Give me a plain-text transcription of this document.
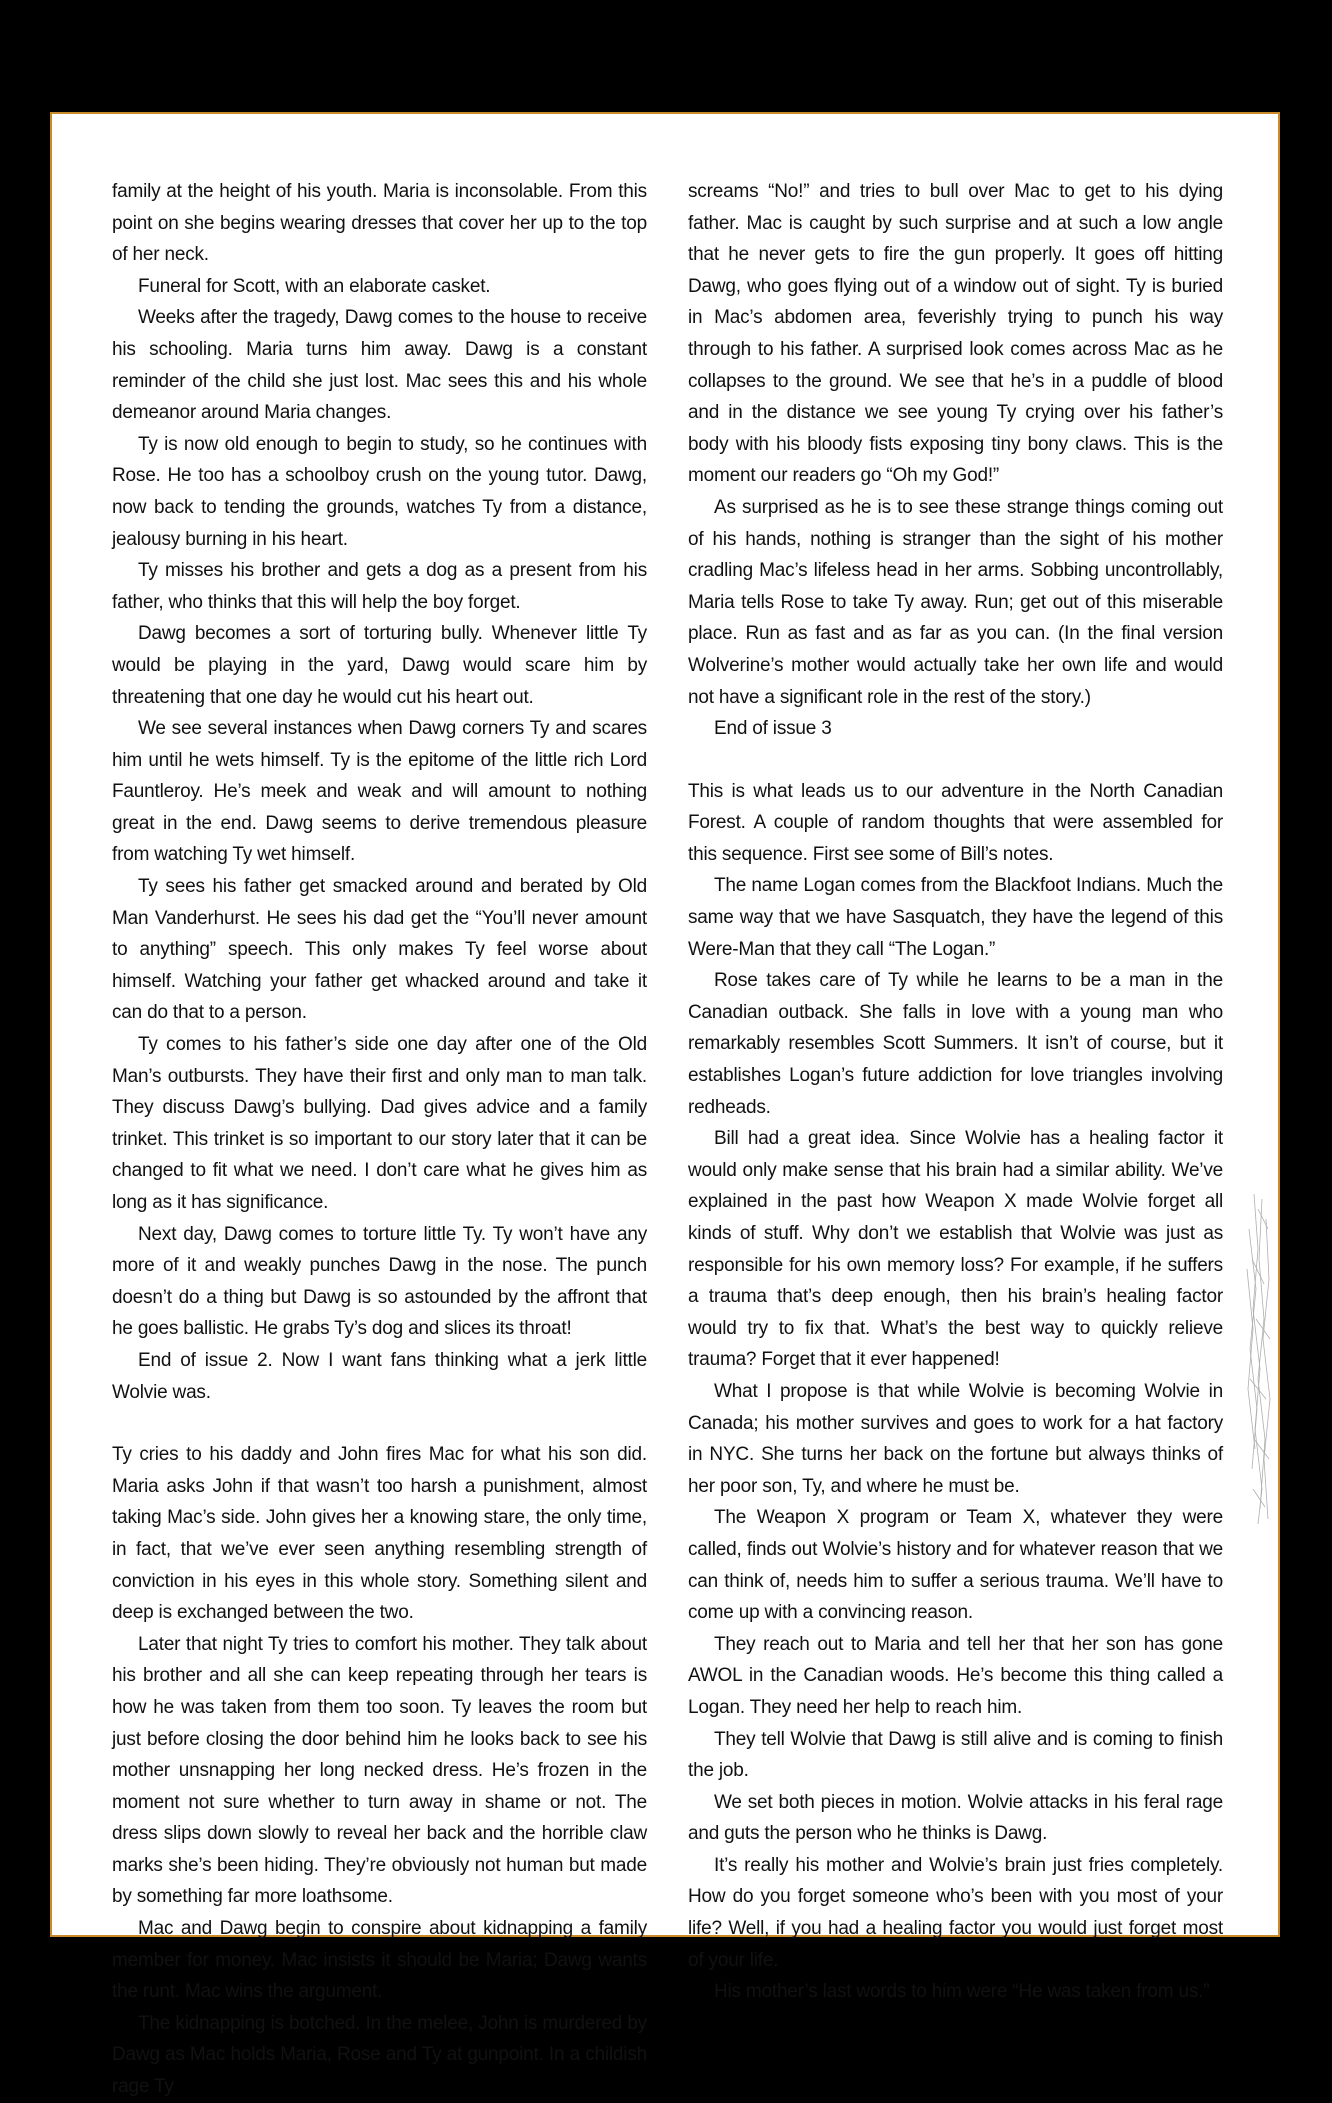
family at the height of his youth. Maria is inconsolable. From this point on she begins wearing dresses that cover her up to the top of her neck.

Funeral for Scott, with an elaborate casket.

Weeks after the tragedy, Dawg comes to the house to receive his schooling. Maria turns him away. Dawg is a constant reminder of the child she just lost. Mac sees this and his whole demeanor around Maria changes.

Ty is now old enough to begin to study, so he continues with Rose. He too has a schoolboy crush on the young tutor. Dawg, now back to tending the grounds, watches Ty from a distance, jealousy burning in his heart.

Ty misses his brother and gets a dog as a present from his father, who thinks that this will help the boy forget.

Dawg becomes a sort of torturing bully. Whenever little Ty would be playing in the yard, Dawg would scare him by threatening that one day he would cut his heart out.

We see several instances when Dawg corners Ty and scares him until he wets himself. Ty is the epitome of the little rich Lord Fauntleroy. He’s meek and weak and will amount to nothing great in the end. Dawg seems to derive tremendous pleasure from watching Ty wet himself.

Ty sees his father get smacked around and berated by Old Man Vanderhurst. He sees his dad get the “You’ll never amount to anything” speech. This only makes Ty feel worse about himself. Watching your father get whacked around and take it can do that to a person.

Ty comes to his father’s side one day after one of the Old Man’s outbursts. They have their first and only man to man talk. They discuss Dawg’s bullying. Dad gives advice and a family trinket. This trinket is so important to our story later that it can be changed to fit what we need. I don’t care what he gives him as long as it has significance.

Next day, Dawg comes to torture little Ty. Ty won’t have any more of it and weakly punches Dawg in the nose. The punch doesn’t do a thing but Dawg is so astounded by the affront that he goes ballistic. He grabs Ty’s dog and slices its throat!

End of issue 2. Now I want fans thinking what a jerk little Wolvie was.

Ty cries to his daddy and John fires Mac for what his son did. Maria asks John if that wasn’t too harsh a punishment, almost taking Mac’s side. John gives her a knowing stare, the only time, in fact, that we’ve ever seen anything resembling strength of conviction in his eyes in this whole story. Something silent and deep is exchanged between the two.

Later that night Ty tries to comfort his mother. They talk about his brother and all she can keep repeating through her tears is how he was taken from them too soon. Ty leaves the room but just before closing the door behind him he looks back to see his mother unsnapping her long necked dress. He’s frozen in the moment not sure whether to turn away in shame or not. The dress slips down slowly to reveal her back and the horrible claw marks she’s been hiding. They’re obviously not human but made by something far more loathsome.

Mac and Dawg begin to conspire about kidnapping a family member for money. Mac insists it should be Maria; Dawg wants the runt. Mac wins the argument.

The kidnapping is botched. In the melee, John is murdered by Dawg as Mac holds Maria, Rose and Ty at gunpoint. In a childish rage Ty

screams “No!” and tries to bull over Mac to get to his dying father. Mac is caught by such surprise and at such a low angle that he never gets to fire the gun properly. It goes off hitting Dawg, who goes flying out of a window out of sight. Ty is buried in Mac’s abdomen area, feverishly trying to punch his way through to his father. A surprised look comes across Mac as he collapses to the ground. We see that he’s in a puddle of blood and in the distance we see young Ty crying over his father’s body with his bloody fists exposing tiny bony claws. This is the moment our readers go “Oh my God!”

As surprised as he is to see these strange things coming out of his hands, nothing is stranger than the sight of his mother cradling Mac’s lifeless head in her arms. Sobbing uncontrollably, Maria tells Rose to take Ty away. Run; get out of this miserable place. Run as fast and as far as you can. (In the final version Wolverine’s mother would actually take her own life and would not have a significant role in the rest of the story.)

End of issue 3

This is what leads us to our adventure in the North Canadian Forest. A couple of random thoughts that were assembled for this sequence. First see some of Bill’s notes.

The name Logan comes from the Blackfoot Indians. Much the same way that we have Sasquatch, they have the legend of this Were-Man that they call “The Logan.”

Rose takes care of Ty while he learns to be a man in the Canadian outback. She falls in love with a young man who remarkably resembles Scott Summers. It isn’t of course, but it establishes Logan’s future addiction for love triangles involving redheads.

Bill had a great idea. Since Wolvie has a healing factor it would only make sense that his brain had a similar ability. We’ve explained in the past how Weapon X made Wolvie forget all kinds of stuff. Why don’t we establish that Wolvie was just as responsible for his own memory loss? For example, if he suffers a trauma that’s deep enough, then his brain’s healing factor would try to fix that. What’s the best way to quickly relieve trauma? Forget that it ever happened!

What I propose is that while Wolvie is becoming Wolvie in Canada; his mother survives and goes to work for a hat factory in NYC. She turns her back on the fortune but always thinks of her poor son, Ty, and where he must be.

The Weapon X program or Team X, whatever they were called, finds out Wolvie’s history and for whatever reason that we can think of, needs him to suffer a serious trauma. We’ll have to come up with a convincing reason.

They reach out to Maria and tell her that her son has gone AWOL in the Canadian woods. He’s become this thing called a Logan. They need her help to reach him.

They tell Wolvie that Dawg is still alive and is coming to finish the job.

We set both pieces in motion. Wolvie attacks in his feral rage and guts the person who he thinks is Dawg.

It’s really his mother and Wolvie’s brain just fries completely. How do you forget someone who’s been with you most of your life? Well, if you had a healing factor you would just forget most of your life.

His mother’s last words to him were “He was taken from us.”
